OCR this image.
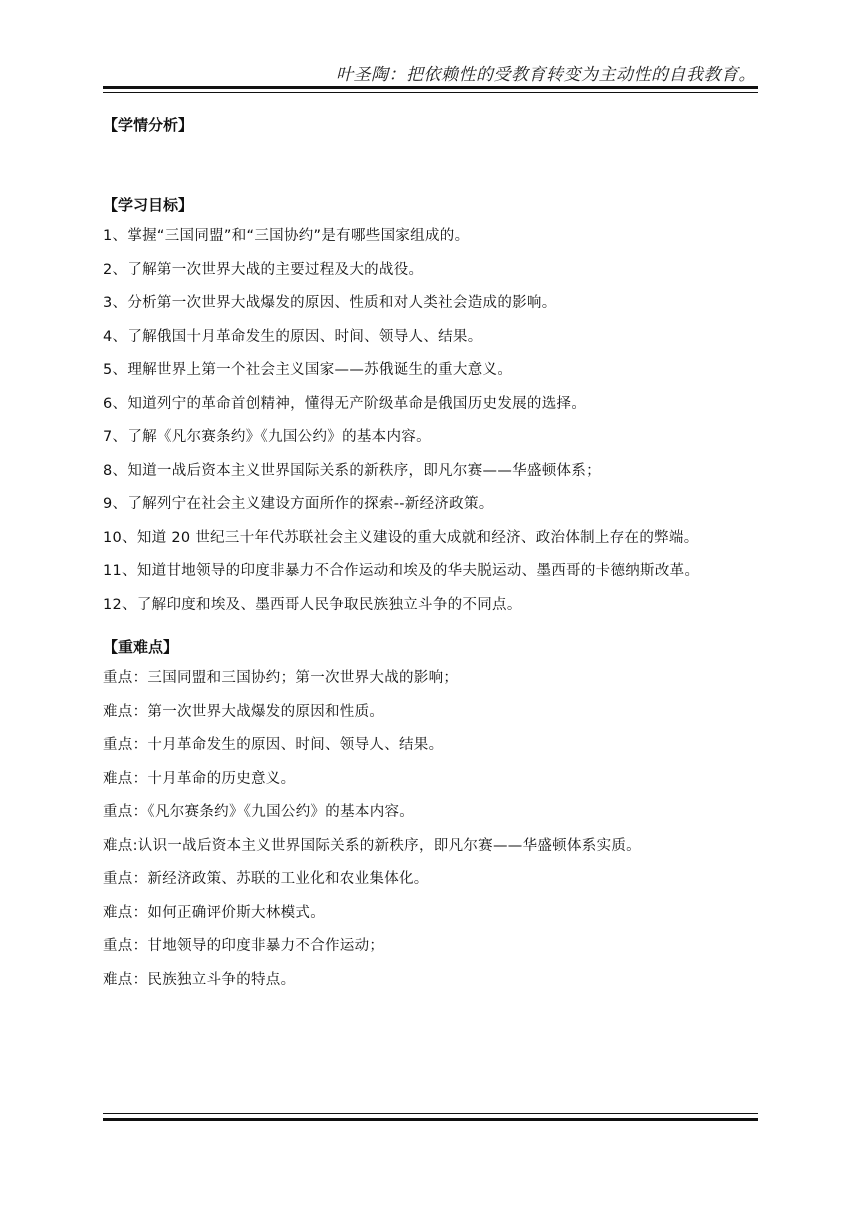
叶圣陶：把依赖性的受教育转变为主动性的自我教育。
【学情分析】
【学习目标】
1、掌握“三国同盟”和“三国协约”是有哪些国家组成的。
2、了解第一次世界大战的主要过程及大的战役。
3、分析第一次世界大战爆发的原因、性质和对人类社会造成的影响。
4、了解俄国十月革命发生的原因、时间、领导人、结果。
5、理解世界上第一个社会主义国家——苏俄诞生的重大意义。
6、知道列宁的革命首创精神，懂得无产阶级革命是俄国历史发展的选择。
7、了解《凡尔赛条约》《九国公约》的基本内容。
8、知道一战后资本主义世界国际关系的新秩序，即凡尔赛——华盛顿体系；
9、了解列宁在社会主义建设方面所作的探索--新经济政策。
10、知道 20 世纪三十年代苏联社会主义建设的重大成就和经济、政治体制上存在的弊端。
11、知道甘地领导的印度非暴力不合作运动和埃及的华夫脱运动、墨西哥的卡德纳斯改革。
12、了解印度和埃及、墨西哥人民争取民族独立斗争的不同点。
【重难点】
重点：三国同盟和三国协约；第一次世界大战的影响；
难点：第一次世界大战爆发的原因和性质。
重点：十月革命发生的原因、时间、领导人、结果。
难点：十月革命的历史意义。
重点：《凡尔赛条约》《九国公约》的基本内容。
难点:认识一战后资本主义世界国际关系的新秩序，即凡尔赛——华盛顿体系实质。
重点：新经济政策、苏联的工业化和农业集体化。
难点：如何正确评价斯大林模式。
重点：甘地领导的印度非暴力不合作运动；
难点：民族独立斗争的特点。
